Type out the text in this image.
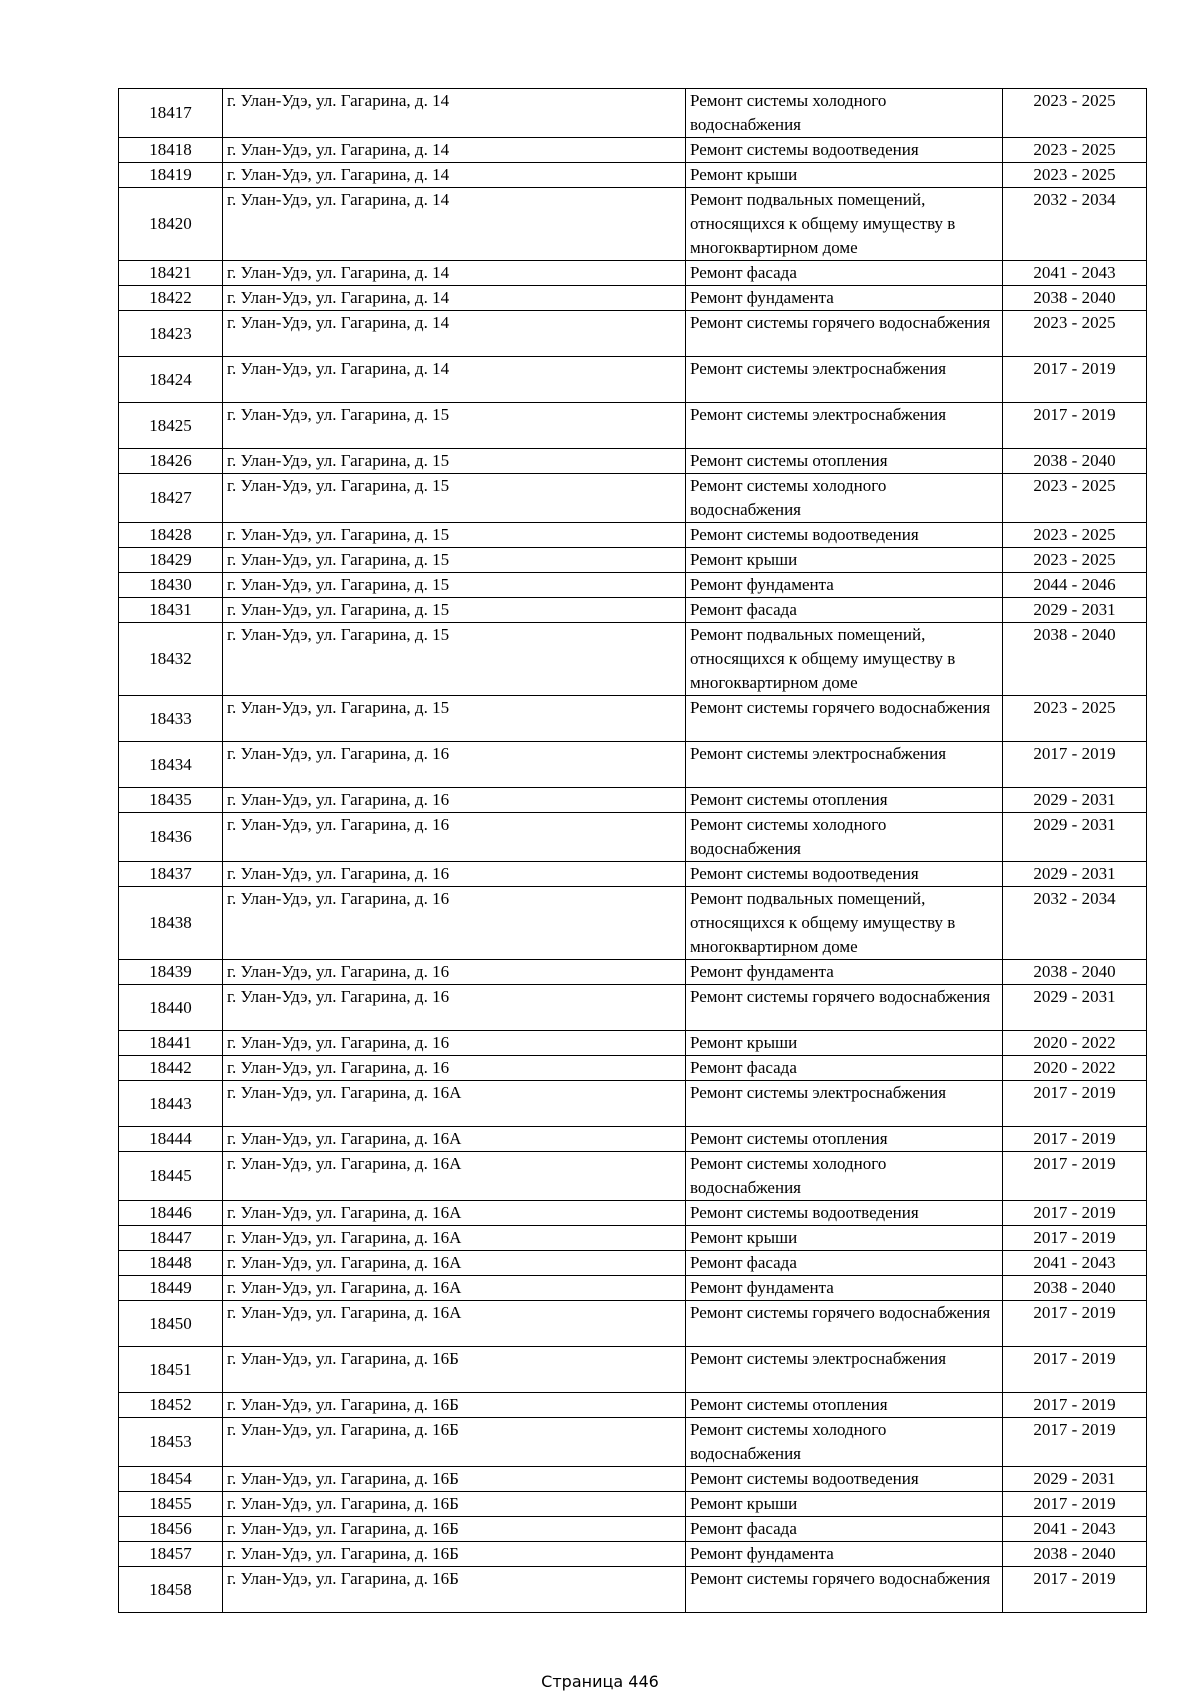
18417	г. Улан-Удэ, ул. Гагарина, д. 14	Ремонт системы холодного водоснабжения	2023 - 2025
18418	г. Улан-Удэ, ул. Гагарина, д. 14	Ремонт системы водоотведения	2023 - 2025
18419	г. Улан-Удэ, ул. Гагарина, д. 14	Ремонт крыши	2023 - 2025
18420	г. Улан-Удэ, ул. Гагарина, д. 14	Ремонт подвальных помещений, относящихся к общему имуществу в многоквартирном доме	2032 - 2034
18421	г. Улан-Удэ, ул. Гагарина, д. 14	Ремонт фасада	2041 - 2043
18422	г. Улан-Удэ, ул. Гагарина, д. 14	Ремонт фундамента	2038 - 2040
18423	г. Улан-Удэ, ул. Гагарина, д. 14	Ремонт системы горячего водоснабжения	2023 - 2025
18424	г. Улан-Удэ, ул. Гагарина, д. 14	Ремонт системы электроснабжения	2017 - 2019
18425	г. Улан-Удэ, ул. Гагарина, д. 15	Ремонт системы электроснабжения	2017 - 2019
18426	г. Улан-Удэ, ул. Гагарина, д. 15	Ремонт системы отопления	2038 - 2040
18427	г. Улан-Удэ, ул. Гагарина, д. 15	Ремонт системы холодного водоснабжения	2023 - 2025
18428	г. Улан-Удэ, ул. Гагарина, д. 15	Ремонт системы водоотведения	2023 - 2025
18429	г. Улан-Удэ, ул. Гагарина, д. 15	Ремонт крыши	2023 - 2025
18430	г. Улан-Удэ, ул. Гагарина, д. 15	Ремонт фундамента	2044 - 2046
18431	г. Улан-Удэ, ул. Гагарина, д. 15	Ремонт фасада	2029 - 2031
18432	г. Улан-Удэ, ул. Гагарина, д. 15	Ремонт подвальных помещений, относящихся к общему имуществу в многоквартирном доме	2038 - 2040
18433	г. Улан-Удэ, ул. Гагарина, д. 15	Ремонт системы горячего водоснабжения	2023 - 2025
18434	г. Улан-Удэ, ул. Гагарина, д. 16	Ремонт системы электроснабжения	2017 - 2019
18435	г. Улан-Удэ, ул. Гагарина, д. 16	Ремонт системы отопления	2029 - 2031
18436	г. Улан-Удэ, ул. Гагарина, д. 16	Ремонт системы холодного водоснабжения	2029 - 2031
18437	г. Улан-Удэ, ул. Гагарина, д. 16	Ремонт системы водоотведения	2029 - 2031
18438	г. Улан-Удэ, ул. Гагарина, д. 16	Ремонт подвальных помещений, относящихся к общему имуществу в многоквартирном доме	2032 - 2034
18439	г. Улан-Удэ, ул. Гагарина, д. 16	Ремонт фундамента	2038 - 2040
18440	г. Улан-Удэ, ул. Гагарина, д. 16	Ремонт системы горячего водоснабжения	2029 - 2031
18441	г. Улан-Удэ, ул. Гагарина, д. 16	Ремонт крыши	2020 - 2022
18442	г. Улан-Удэ, ул. Гагарина, д. 16	Ремонт фасада	2020 - 2022
18443	г. Улан-Удэ, ул. Гагарина, д. 16А	Ремонт системы электроснабжения	2017 - 2019
18444	г. Улан-Удэ, ул. Гагарина, д. 16А	Ремонт системы отопления	2017 - 2019
18445	г. Улан-Удэ, ул. Гагарина, д. 16А	Ремонт системы холодного водоснабжения	2017 - 2019
18446	г. Улан-Удэ, ул. Гагарина, д. 16А	Ремонт системы водоотведения	2017 - 2019
18447	г. Улан-Удэ, ул. Гагарина, д. 16А	Ремонт крыши	2017 - 2019
18448	г. Улан-Удэ, ул. Гагарина, д. 16А	Ремонт фасада	2041 - 2043
18449	г. Улан-Удэ, ул. Гагарина, д. 16А	Ремонт фундамента	2038 - 2040
18450	г. Улан-Удэ, ул. Гагарина, д. 16А	Ремонт системы горячего водоснабжения	2017 - 2019
18451	г. Улан-Удэ, ул. Гагарина, д. 16Б	Ремонт системы электроснабжения	2017 - 2019
18452	г. Улан-Удэ, ул. Гагарина, д. 16Б	Ремонт системы отопления	2017 - 2019
18453	г. Улан-Удэ, ул. Гагарина, д. 16Б	Ремонт системы холодного водоснабжения	2017 - 2019
18454	г. Улан-Удэ, ул. Гагарина, д. 16Б	Ремонт системы водоотведения	2029 - 2031
18455	г. Улан-Удэ, ул. Гагарина, д. 16Б	Ремонт крыши	2017 - 2019
18456	г. Улан-Удэ, ул. Гагарина, д. 16Б	Ремонт фасада	2041 - 2043
18457	г. Улан-Удэ, ул. Гагарина, д. 16Б	Ремонт фундамента	2038 - 2040
18458	г. Улан-Удэ, ул. Гагарина, д. 16Б	Ремонт системы горячего водоснабжения	2017 - 2019
Страница 446
